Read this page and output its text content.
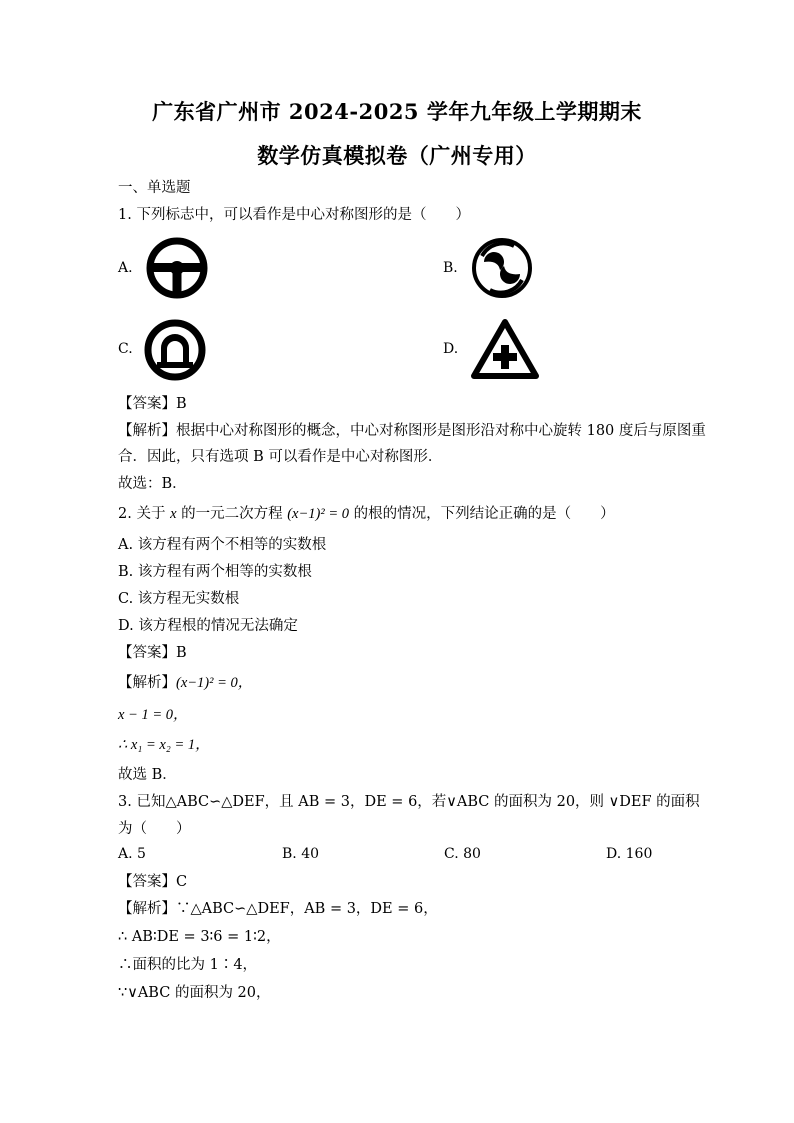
广东省广州市 2024-2025 学年九年级上学期期末
数学仿真模拟卷（广州专用）
一、单选题
1. 下列标志中，可以看作是中心对称图形的是（　　）
A.	B.
C.	D.
【答案】B
【解析】根据中心对称图形的概念，中心对称图形是图形沿对称中心旋转 180 度后与原图重
合．因此，只有选项 B 可以看作是中心对称图形．
故选：B．
2. 关于 x 的一元二次方程 (x−1)² = 0 的根的情况，下列结论正确的是（　　）
A. 该方程有两个不相等的实数根
B. 该方程有两个相等的实数根
C. 该方程无实数根
D. 该方程根的情况无法确定
【答案】B
【解析】(x−1)² = 0，
x − 1 = 0，
∴ x₁ = x₂ = 1，
故选 B．
3. 已知△ABC∽△DEF，且 AB = 3，DE = 6，若∨ABC 的面积为 20，则 ∨DEF 的面积
为（　　）
A. 5	B. 40	C. 80	D. 160
【答案】C
【解析】∵△ABC∽△DEF，AB = 3，DE = 6，
∴ AB∶DE = 3∶6 = 1∶2，
∴面积的比为 1∶4，
∵∨ABC 的面积为 20，
